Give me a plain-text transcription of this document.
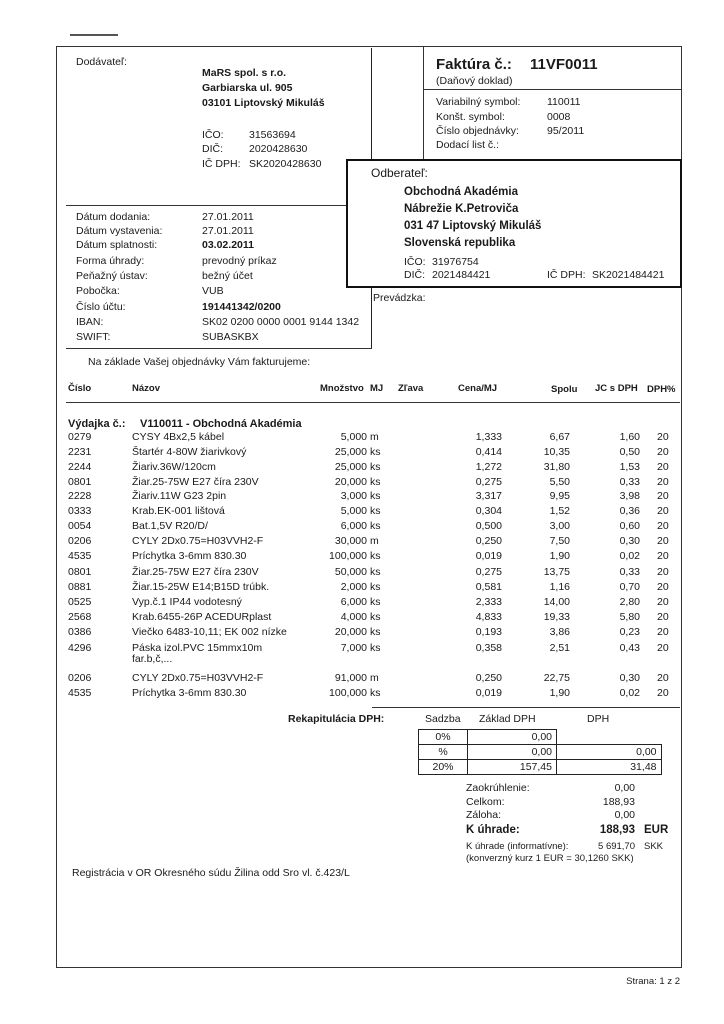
Dodávateľ:
MaRS spol. s r.o.
Garbiarska ul. 905
03101 Liptovský Mikuláš
IČO: 31563694
DIČ: 2020428630
IČ DPH: SK2020428630
Faktúra č.: 11VF0011
(Daňový doklad)
Variabilný symbol:	110011
Konšt. symbol:	0008
Číslo objednávky:	95/2011
Dodací list č.:
Odberateľ:
Obchodná Akadémia
Nábrežie K.Petroviča
031 47 Liptovský Mikuláš
Slovenská republika
IČO: 31976754
DIČ: 2021484421	IČ DPH: SK2021484421
Prevádzka:
Dátum dodania:	27.01.2011
Dátum vystavenia:	27.01.2011
Dátum splatnosti:	03.02.2011
Forma úhrady:	prevodný príkaz
Peňažný ústav:	bežný účet
Pobočka:	VUB
Číslo účtu:	191441342/0200
IBAN:	SK02 0200 0000 0001 9144 1342
SWIFT:	SUBASKBX
Na základe Vašej objednávky Vám fakturujeme:
Číslo	Názov	Množstvo MJ Zľava	Cena/MJ	Spolu JC s DPH DPH%
Výdajka č.: V110011 - Obchodná Akadémia
0279	CYSY 4Bx2,5 kábel	5,000 m	1,333	6,67	1,60 20
2231	Štartér 4-80W žiarivkový	25,000 ks	0,414	10,35	0,50 20
2244	Žiariv.36W/120cm	25,000 ks	1,272	31,80	1,53 20
0801	Žiar.25-75W E27 číra 230V	20,000 ks	0,275	5,50	0,33 20
2228	Žiariv.11W G23 2pin	3,000 ks	3,317	9,95	3,98 20
0333	Krab.EK-001 lištová	5,000 ks	0,304	1,52	0,36 20
0054	Bat.1,5V R20/D/	6,000 ks	0,500	3,00	0,60 20
0206	CYLY 2Dx0.75=H03VVH2-F	30,000 m	0,250	7,50	0,30 20
4535	Príchytka 3-6mm 830.30	100,000 ks	0,019	1,90	0,02 20
0801	Žiar.25-75W E27 číra 230V	50,000 ks	0,275	13,75	0,33 20
0881	Žiar.15-25W E14;B15D trúbk.	2,000 ks	0,581	1,16	0,70 20
0525	Vyp.č.1 IP44 vodotesný	6,000 ks	2,333	14,00	2,80 20
2568	Krab.6455-26P ACEDURplast	4,000 ks	4,833	19,33	5,80 20
0386	Viečko 6483-10,11; EK 002 nízke	20,000 ks	0,193	3,86	0,23 20
4296	Páska izol.PVC 15mmx10m	7,000 ks	0,358	2,51	0,43 20
far.b,č,...
0206	CYLY 2Dx0.75=H03VVH2-F	91,000 m	0,250	22,75	0,30 20
4535	Príchytka 3-6mm 830.30	100,000 ks	0,019	1,90	0,02 20
Rekapitulácia DPH:	Sadzba Základ DPH	DPH
0%	0,00	
%	0,00	0,00
20%	157,45	31,48
Zaokrúhlenie:	0,00
Celkom:	188,93
Záloha:	0,00
K úhrade:	188,93 EUR
K úhrade (informatívne):	5 691,70 SKK
(konverzný kurz 1 EUR = 30,1260 SKK)
Registrácia v OR Okresného súdu Žilina odd Sro vl. č.423/L
Strana: 1 z 2
